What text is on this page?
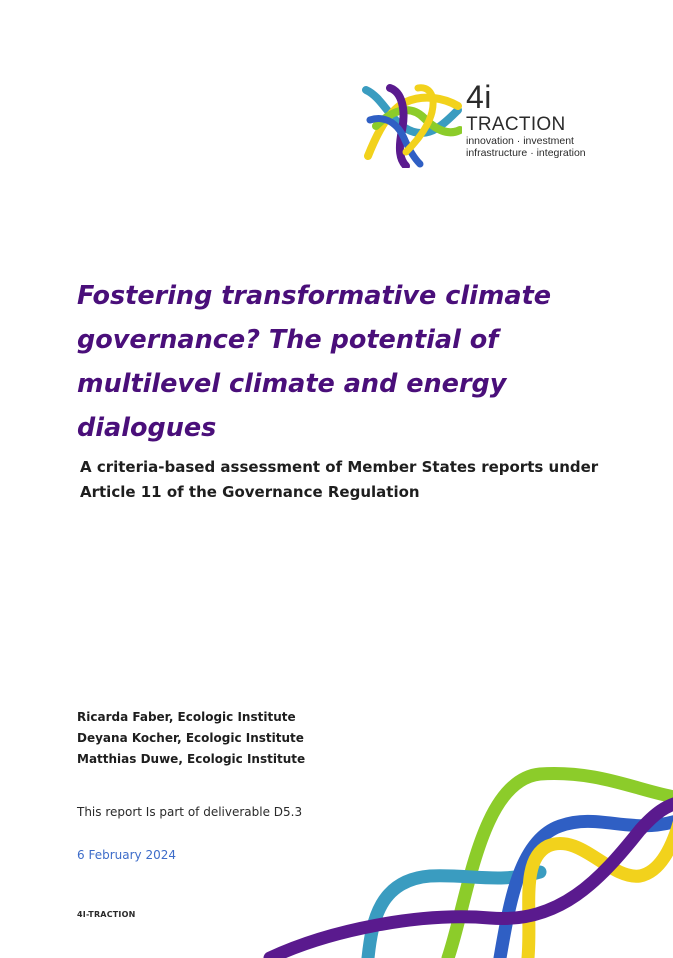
4i
TRACTION
innovation · investment
infrastructure · integration
Fostering transformative climate governance? The potential of multilevel climate and energy dialogues

A criteria-based assessment of Member States reports under Article 11 of the Governance Regulation

Ricarda Faber, Ecologic Institute
Deyana Kocher, Ecologic Institute
Matthias Duwe, Ecologic Institute
This report Is part of deliverable D5.3
6 February 2024
4I-TRACTION
